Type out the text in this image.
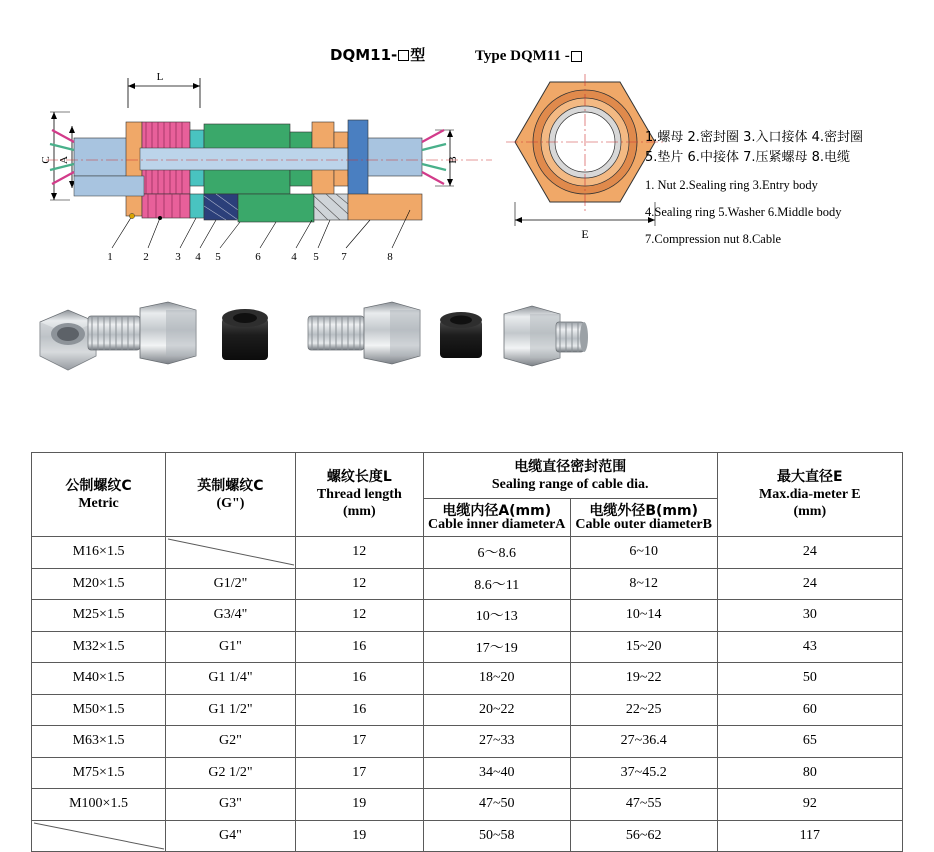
DQM11- 型	Type DQM11 -
L
C A	B
1	2 3 4 5	6	4 5 7	8
E
1.螺母 2.密封圈 3.入口接体 4.密封圈
5.垫片 6.中接体 7.压紧螺母 8.电缆
1. Nut 2.Sealing ring 3.Entry body
4.Sealing ring 5.Washer 6.Middle body
7.Compression nut 8.Cable
公制螺纹C
Metric

英制螺纹C
(G")

螺纹长度L
Thread length
(mm)

电缆直径密封范围
Sealing range of cable dia.	最大直径E
Max.dia-meter E
(mm)

电缆内径A(mm)
Cable inner diameterA

电缆外径B(mm)
Cable outer diameterB

M16×1.5		12	6～8.6	6~10	24
M20×1.5	G1/2"	12	8.6～11	8~12	24
M25×1.5	G3/4"	12	10～13	10~14	30
M32×1.5	G1"	16	17～19	15~20	43
M40×1.5	G1 1/4"	16	18~20	19~22	50
M50×1.5	G1 1/2"	16	20~22	22~25	60
M63×1.5	G2"	17	27~33	27~36.4	65
M75×1.5	G2 1/2"	17	34~40	37~45.2	80
M100×1.5	G3"	19	47~50	47~55	92

	G4"	19	50~58	56~62	117
